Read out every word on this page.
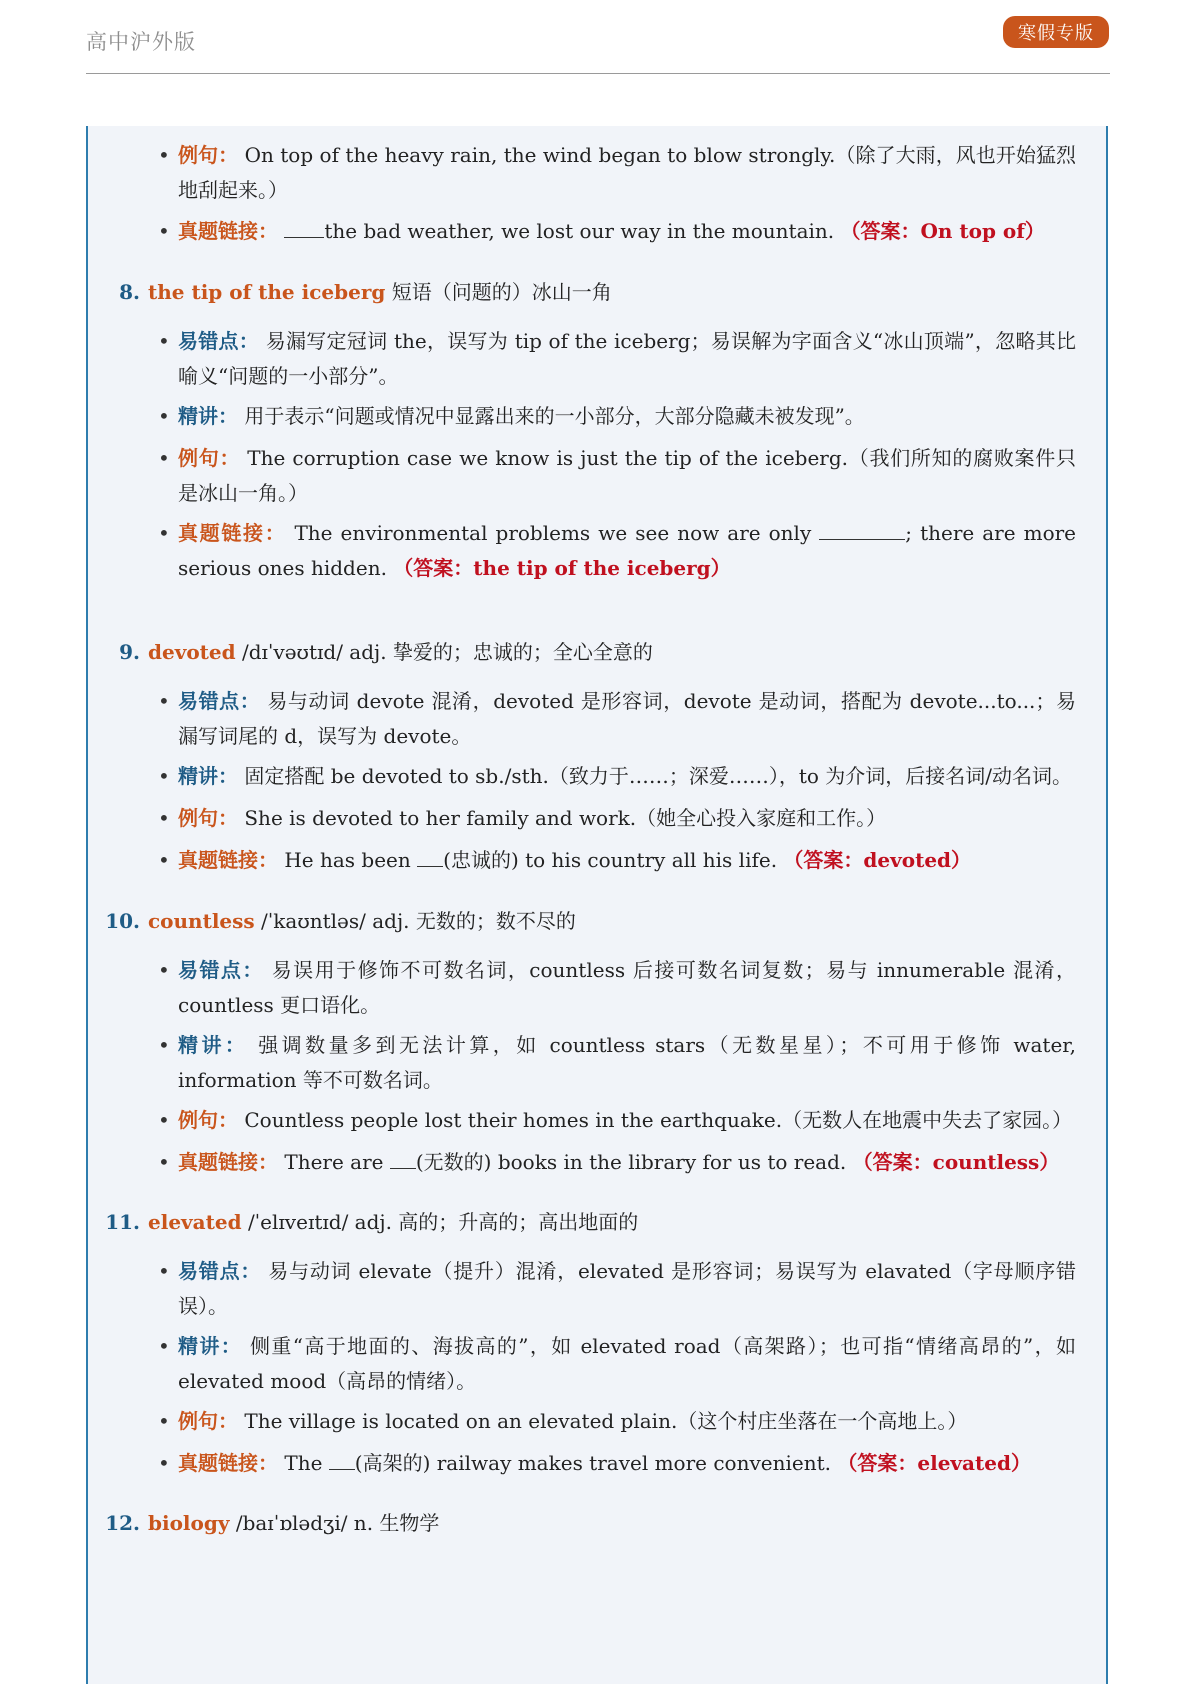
高中沪外版	寒假专版
• 例句： On top of the heavy rain, the wind began to blow strongly.（除了大雨，风也开始猛烈地刮起来。）
• 真题链接： the bad weather, we lost our way in the mountain. （答案：On top of）
8. the tip of the iceberg 短语（问题的）冰山一角
• 易错点： 易漏写定冠词 the，误写为 tip of the iceberg；易误解为字面含义“冰山顶端”，忽略其比喻义“问题的一小部分”。
• 精讲： 用于表示“问题或情况中显露出来的一小部分，大部分隐藏未被发现”。
• 例句： The corruption case we know is just the tip of the iceberg.（我们所知的腐败案件只是冰山一角。）
• 真题链接： The environmental problems we see now are only	; there are more serious ones hidden. （答案：the tip of the iceberg）
9. devoted /dɪˈvəʊtɪd/ adj. 挚爱的；忠诚的；全心全意的
• 易错点： 易与动词 devote 混淆，devoted 是形容词，devote 是动词，搭配为 devote...to...；易漏写词尾的 d，误写为 devote。
• 精讲： 固定搭配 be devoted to sb./sth.（致力于……；深爱……），to 为介词，后接名词/动名词。
• 例句： She is devoted to her family and work.（她全心投入家庭和工作。）
• 真题链接： He has been (忠诚的) to his country all his life. （答案：devoted）
10. countless /ˈkaʊntləs/ adj. 无数的；数不尽的
• 易错点： 易误用于修饰不可数名词，countless 后接可数名词复数；易与 innumerable 混淆，countless 更口语化。
• 精讲： 强调数量多到无法计算，如 countless stars（无数星星）；不可用于修饰 water, information 等不可数名词。
• 例句： Countless people lost their homes in the earthquake.（无数人在地震中失去了家园。）
• 真题链接： There are (无数的) books in the library for us to read. （答案：countless）
11. elevated /ˈelɪveɪtɪd/ adj. 高的；升高的；高出地面的
• 易错点： 易与动词 elevate（提升）混淆，elevated 是形容词；易误写为 elavated（字母顺序错误）。
• 精讲： 侧重“高于地面的、海拔高的”，如 elevated road（高架路）；也可指“情绪高昂的”，如 elevated mood（高昂的情绪）。
• 例句： The village is located on an elevated plain.（这个村庄坐落在一个高地上。）
• 真题链接： The (高架的) railway makes travel more convenient. （答案：elevated）
12. biology /baɪˈɒlədʒi/ n. 生物学
